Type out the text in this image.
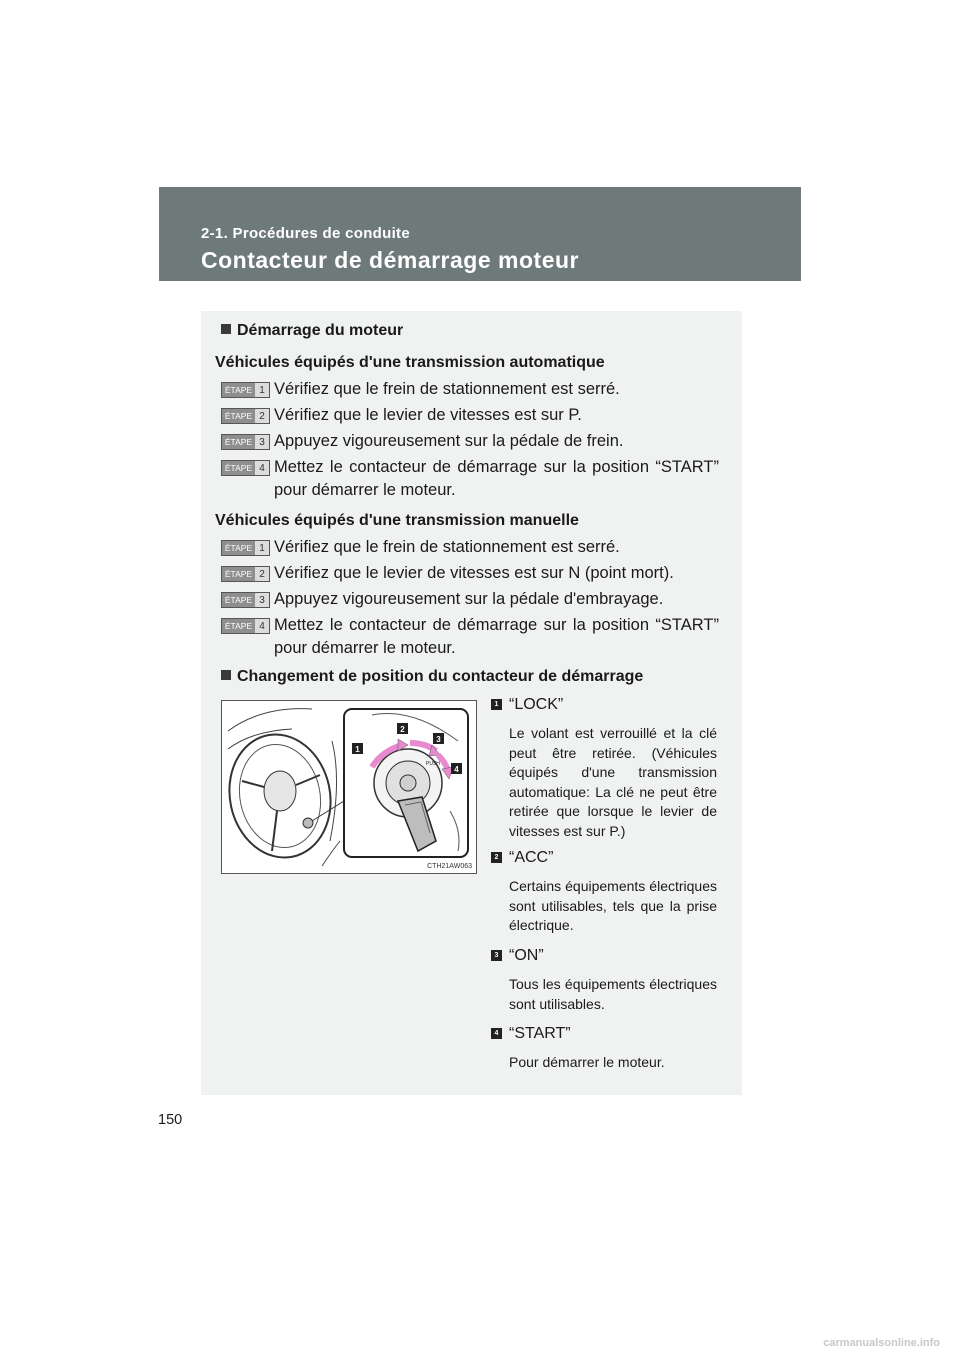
2-1. Procédures de conduite
Contacteur de démarrage moteur
Démarrage du moteur
Véhicules équipés d'une transmission automatique
ÉTAPE 1 Vérifiez que le frein de stationnement est serré.
ÉTAPE 2 Vérifiez que le levier de vitesses est sur P.
ÉTAPE 3 Appuyez vigoureusement sur la pédale de frein.
ÉTAPE 4 Mettez le contacteur de démarrage sur la position “START” pour démarrer le moteur.
Véhicules équipés d'une transmission manuelle
ÉTAPE 1 Vérifiez que le frein de stationnement est serré.
ÉTAPE 2 Vérifiez que le levier de vitesses est sur N (point mort).
ÉTAPE 3 Appuyez vigoureusement sur la pédale d'embrayage.
ÉTAPE 4 Mettez le contacteur de démarrage sur la position “START” pour démarrer le moteur.
Changement de position du contacteur de démarrage
PUSH
1
2
3
4
CTH21AW063
1 “LOCK”
Le volant est verrouillé et la clé peut être retirée. (Véhicules équipés d'une transmission automatique: La clé ne peut être retirée que lorsque le levier de vitesses est sur P.)
2 “ACC”
Certains équipements électriques sont utilisables, tels que la prise électrique.
3 “ON”
Tous les équipements électriques sont utilisables.
4 “START”
Pour démarrer le moteur.
150
carmanualsonline.info
